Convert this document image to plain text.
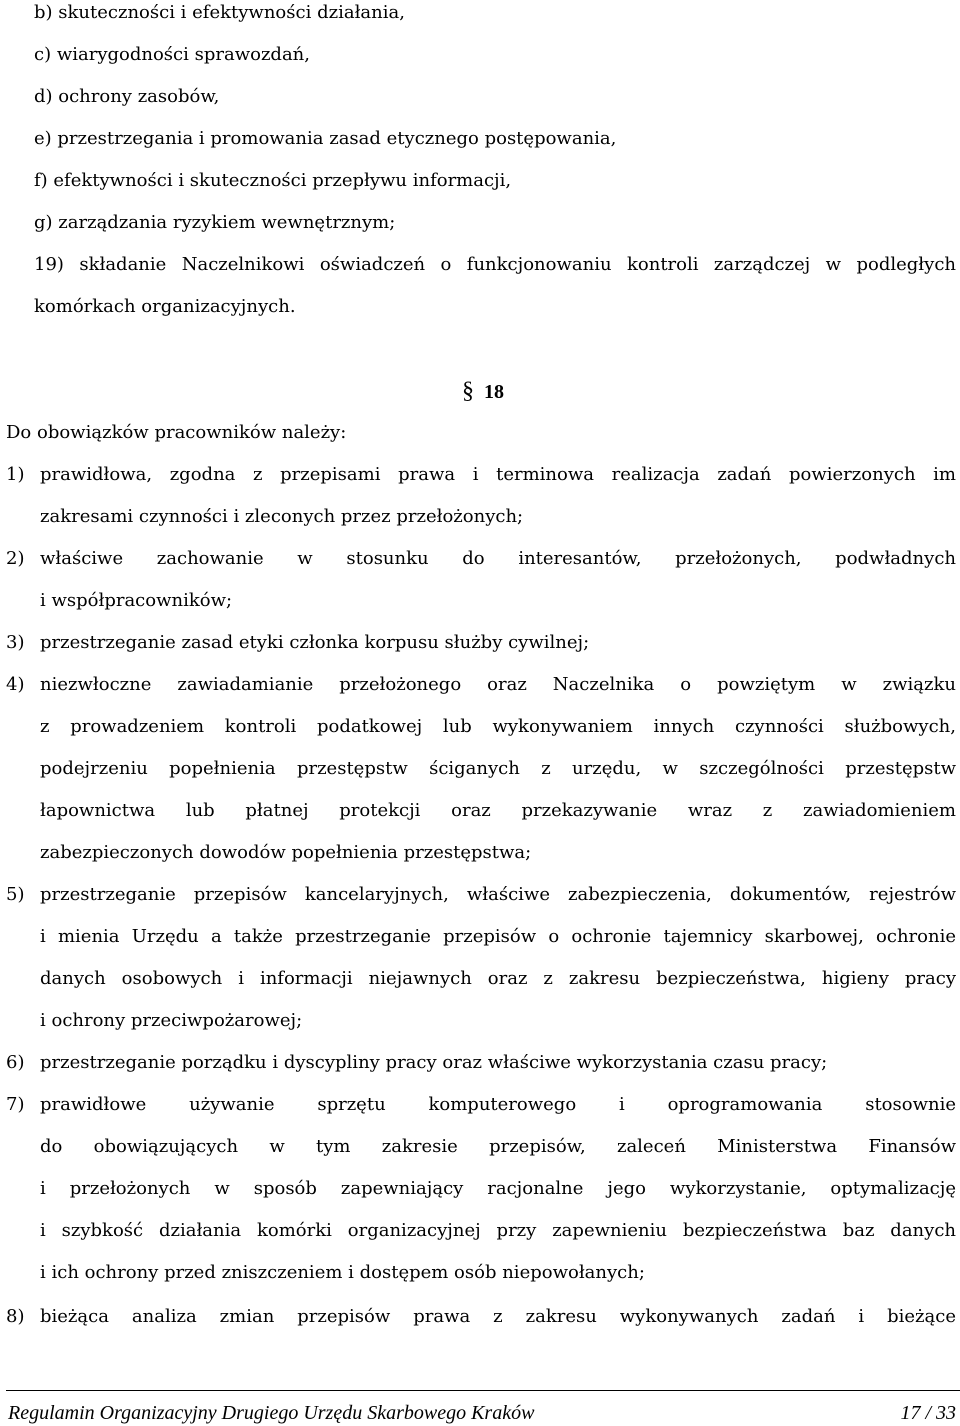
b) skuteczności i efektywności działania,
c) wiarygodności sprawozdań,
d) ochrony zasobów,
e) przestrzegania i promowania zasad etycznego postępowania,
f) efektywności i skuteczności przepływu informacji,
g) zarządzania ryzykiem wewnętrznym;
19) składanie Naczelnikowi oświadczeń o funkcjonowaniu kontroli zarządczej w podległych
komórkach organizacyjnych.
§ 18
Do obowiązków pracowników należy:
1) prawidłowa, zgodna z przepisami prawa i terminowa realizacja zadań powierzonych im
zakresami czynności i zleconych przez przełożonych;
2) właściwe zachowanie w stosunku do interesantów, przełożonych, podwładnych
i współpracowników;
3) przestrzeganie zasad etyki członka korpusu służby cywilnej;
4) niezwłoczne zawiadamianie przełożonego oraz Naczelnika o powziętym w związku
z prowadzeniem kontroli podatkowej lub wykonywaniem innych czynności służbowych,
podejrzeniu popełnienia przestępstw ściganych z urzędu, w szczególności przestępstw
łapownictwa lub płatnej protekcji oraz przekazywanie wraz z zawiadomieniem
zabezpieczonych dowodów popełnienia przestępstwa;
5) przestrzeganie przepisów kancelaryjnych, właściwe zabezpieczenia, dokumentów, rejestrów
i mienia Urzędu a także przestrzeganie przepisów o ochronie tajemnicy skarbowej, ochronie
danych osobowych i informacji niejawnych oraz z zakresu bezpieczeństwa, higieny pracy
i ochrony przeciwpożarowej;
6) przestrzeganie porządku i dyscypliny pracy oraz właściwe wykorzystania czasu pracy;
7) prawidłowe używanie sprzętu komputerowego i oprogramowania stosownie
do obowiązujących w tym zakresie przepisów, zaleceń Ministerstwa Finansów
i przełożonych w sposób zapewniający racjonalne jego wykorzystanie, optymalizację
i szybkość działania komórki organizacyjnej przy zapewnieniu bezpieczeństwa baz danych
i ich ochrony przed zniszczeniem i dostępem osób niepowołanych;
8) bieżąca analiza zmian przepisów prawa z zakresu wykonywanych zadań i bieżące
Regulamin Organizacyjny Drugiego Urzędu Skarbowego Kraków	17 / 33
